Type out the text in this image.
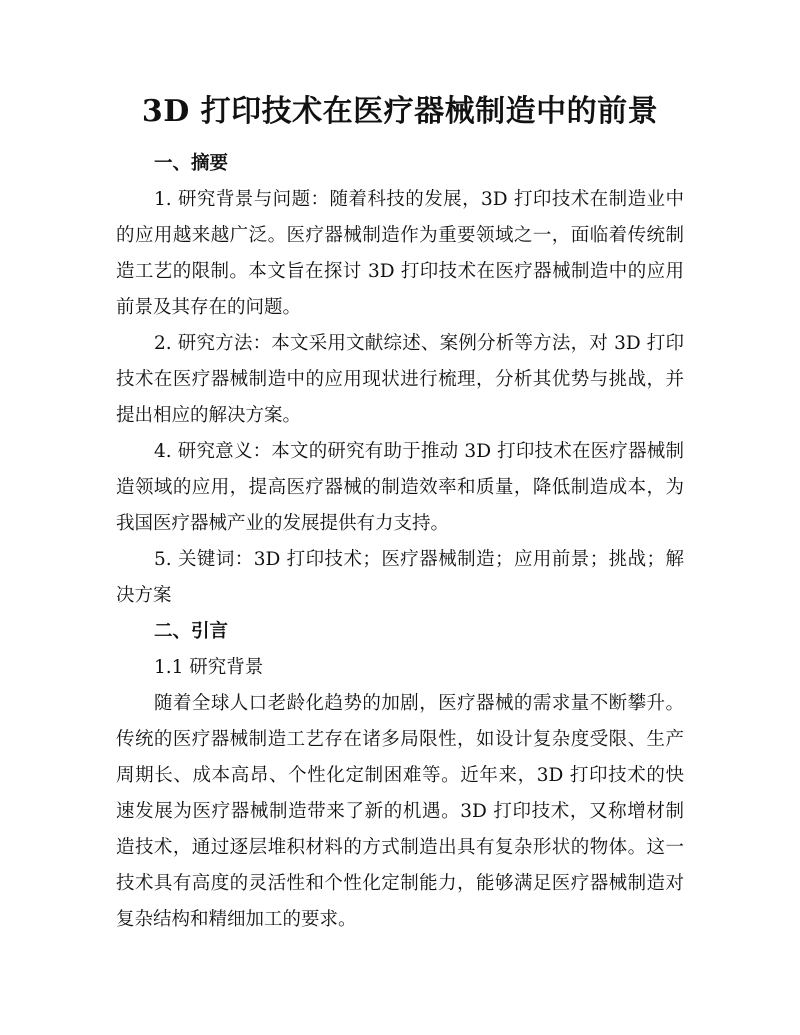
3D 打印技术在医疗器械制造中的前景

一、摘要

1. 研究背景与问题：随着科技的发展，3D 打印技术在制造业中的应用越来越广泛。医疗器械制造作为重要领域之一，面临着传统制造工艺的限制。本文旨在探讨 3D 打印技术在医疗器械制造中的应用前景及其存在的问题。

2. 研究方法：本文采用文献综述、案例分析等方法，对 3D 打印技术在医疗器械制造中的应用现状进行梳理，分析其优势与挑战，并提出相应的解决方案。

4. 研究意义：本文的研究有助于推动 3D 打印技术在医疗器械制造领域的应用，提高医疗器械的制造效率和质量，降低制造成本，为我国医疗器械产业的发展提供有力支持。

5. 关键词：3D 打印技术；医疗器械制造；应用前景；挑战；解决方案

二、引言

1.1 研究背景

随着全球人口老龄化趋势的加剧，医疗器械的需求量不断攀升。传统的医疗器械制造工艺存在诸多局限性，如设计复杂度受限、生产周期长、成本高昂、个性化定制困难等。近年来，3D 打印技术的快速发展为医疗器械制造带来了新的机遇。3D 打印技术，又称增材制造技术，通过逐层堆积材料的方式制造出具有复杂形状的物体。这一技术具有高度的灵活性和个性化定制能力，能够满足医疗器械制造对复杂结构和精细加工的要求。
